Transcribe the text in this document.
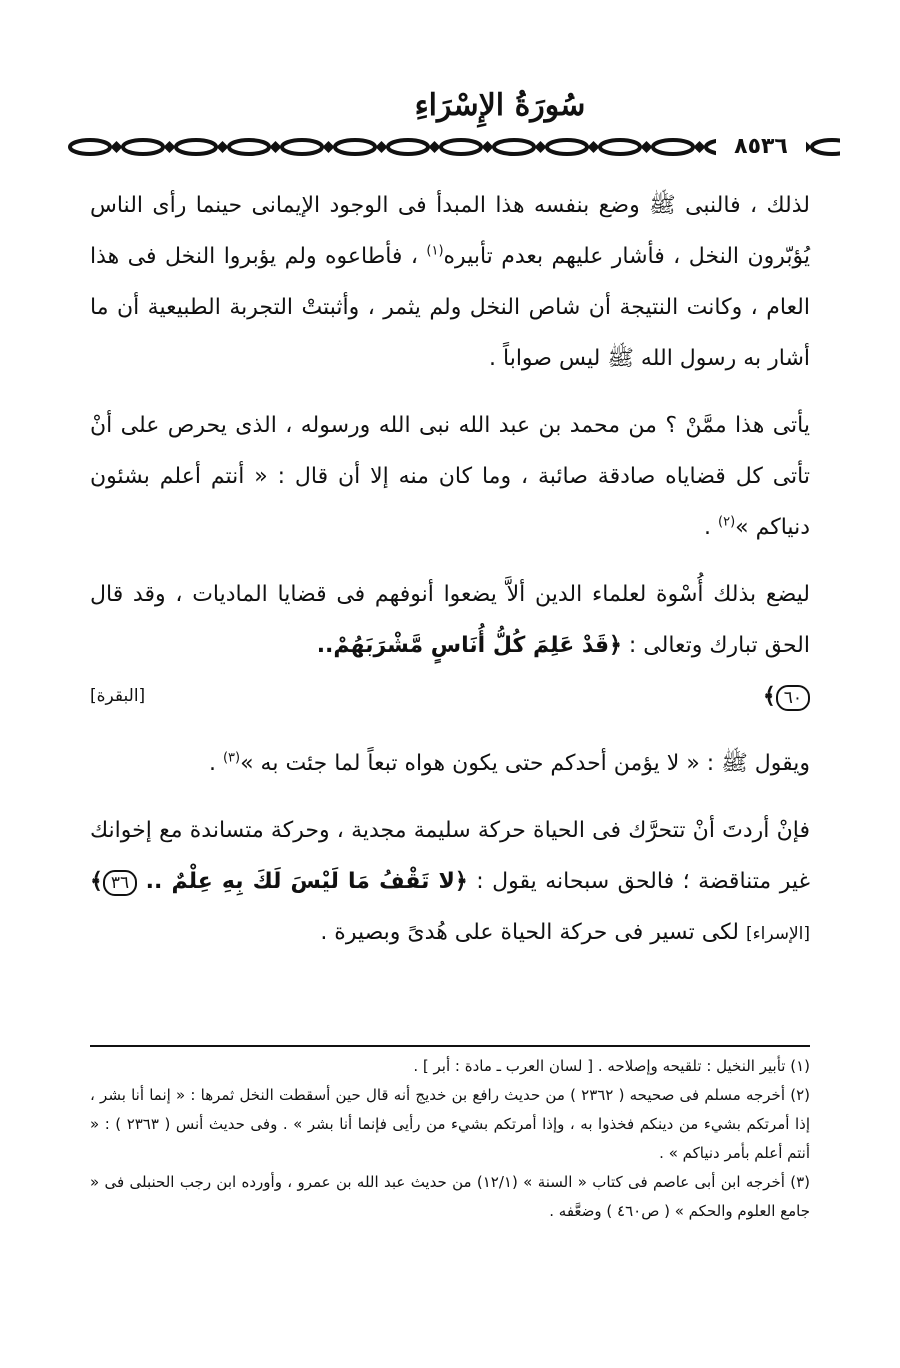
سُورَةُ الإِسْرَاءِ
٨٥٣٦

لذلك ، فالنبى ﷺ وضع بنفسه هذا المبدأ فى الوجود الإيمانى حينما رأى الناس يُؤبّرون النخل ، فأشار عليهم بعدم تأبيره$^{(١)}$ ، فأطاعوه ولم يؤبروا النخل فى هذا العام ، وكانت النتيجة أن شاص النخل ولم يثمر ، وأثبتتْ التجربة الطبيعية أن ما أشار به رسول الله ﷺ ليس صواباً .

يأتى هذا ممَّنْ ؟ من محمد بن عبد الله نبى الله ورسوله ، الذى يحرص على أنْ تأتى كل قضاياه صادقة صائبة ، وما كان منه إلا أن قال : « أنتم أعلم بشئون دنياكم »$^{(٢)}$ .

ليضع بذلك أُسْوة لعلماء الدين ألاَّ يضعوا أنوفهم فى قضايا الماديات ، وقد قال الحق تبارك وتعالى : ﴿قَدْ عَلِمَ كُلُّ أُنَاسٍ مَّشْرَبَهُمْ..
٦٠﴾
[البقرة]

ويقول ﷺ : « لا يؤمن أحدكم حتى يكون هواه تبعاً لما جئت به »$^{(٣)}$ .

فإنْ أردتَ أنْ تتحرَّك فى الحياة حركة سليمة مجدية ، وحركة متساندة مع إخوانك غير متناقضة ؛ فالحق سبحانه يقول : ﴿لا تَقْفُ مَا لَيْسَ لَكَ بِهِ عِلْمٌ .. ٣٦﴾ [الإسراء] لكى تسير فى حركة الحياة على هُدىً وبصيرة .

(١) تأبير النخيل : تلقيحه وإصلاحه . [ لسان العرب ـ مادة : أبر ] .

(٢) أخرجه مسلم فى صحيحه ( ٢٣٦٢ ) من حديث رافع بن خديج أنه قال حين أسقطت النخل ثمرها : « إنما أنا بشر ، إذا أمرتكم بشيء من دينكم فخذوا به ، وإذا أمرتكم بشيء من رأيى فإنما أنا بشر » . وفى حديث أنس ( ٢٣٦٣ ) : « أنتم أعلم بأمر دنياكم » .

(٣) أخرجه ابن أبى عاصم فى كتاب « السنة » (١٢/١) من حديث عبد الله بن عمرو ، وأورده ابن رجب الحنبلى فى « جامع العلوم والحكم » ( ص٤٦٠ ) وضعَّفه .
